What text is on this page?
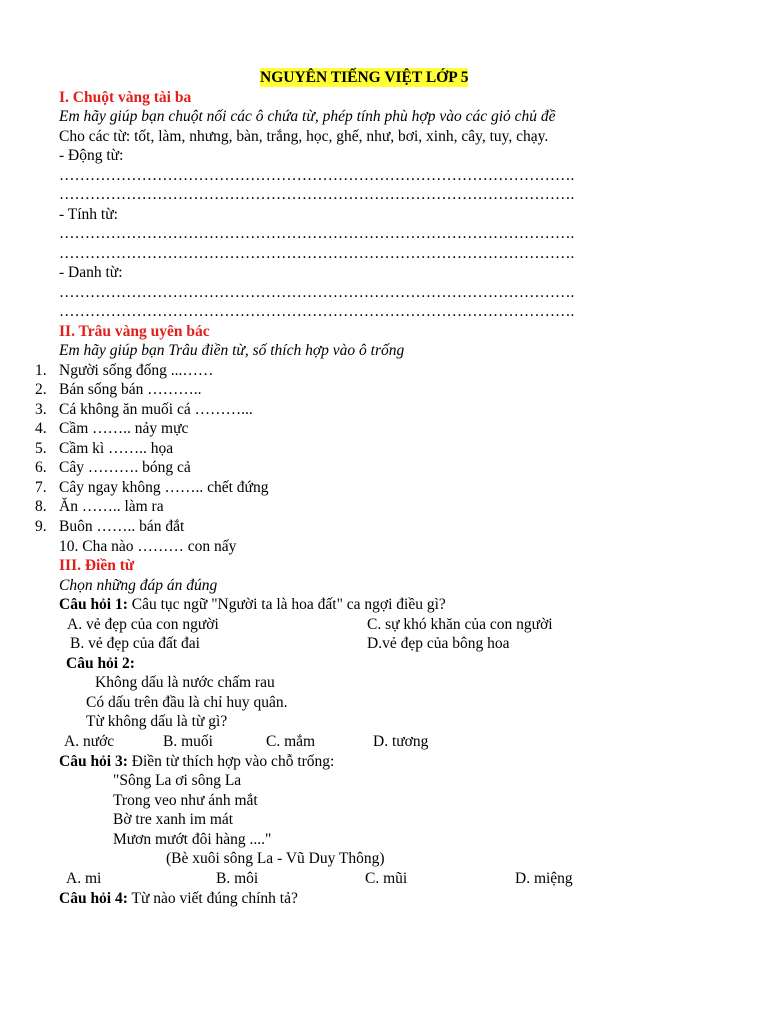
NGUYÊN TIẾNG VIỆT LỚP 5
I. Chuột vàng tài ba
Em hãy giúp bạn chuột nối các ô chứa từ, phép tính phù hợp vào các giỏ chủ đề
Cho các từ: tốt, làm, nhưng, bàn, trắng, học, ghế, như, bơi, xinh, cây, tuy, chạy.
- Động từ:
……………………………………………………………………………………….
……………………………………………………………………………………….
- Tính từ:
……………………………………………………………………………………….
……………………………………………………………………………………….
- Danh từ:
……………………………………………………………………………………….
……………………………………………………………………………………….
II. Trâu vàng uyên bác
Em hãy giúp bạn Trâu điền từ, số thích hợp vào ô trống
1. Người sống đống ...……
2. Bán sống bán ………..
3. Cá không ăn muối cá ………...
4. Cầm …….. nảy mực
5. Cầm kì …….. họa
6. Cây ………. bóng cả
7. Cây ngay không …….. chết đứng
8. Ăn …….. làm ra
9. Buôn …….. bán đắt
10. Cha nào ……… con nấy
III. Điền từ
Chọn những đáp án đúng
Câu hỏi 1: Câu tục ngữ "Người ta là hoa đất" ca ngợi điều gì?
A. vẻ đẹp của con người	C. sự khó khăn của con người
B. vẻ đẹp của đất đai	D.vẻ đẹp của bông hoa
Câu hỏi 2:
Không dấu là nước chấm rau
Có dấu trên đầu là chỉ huy quân.
Từ không dấu là từ gì?
A. nước	B. muối	C. mắm	D. tương
Câu hỏi 3: Điền từ thích hợp vào chỗ trống:
"Sông La ơi sông La
Trong veo như ánh mắt
Bờ tre xanh im mát
Mươn mướt đôi hàng ...."
(Bè xuôi sông La - Vũ Duy Thông)
A. mi	B. môi	C. mũi	D. miệng
Câu hỏi 4: Từ nào viết đúng chính tả?
